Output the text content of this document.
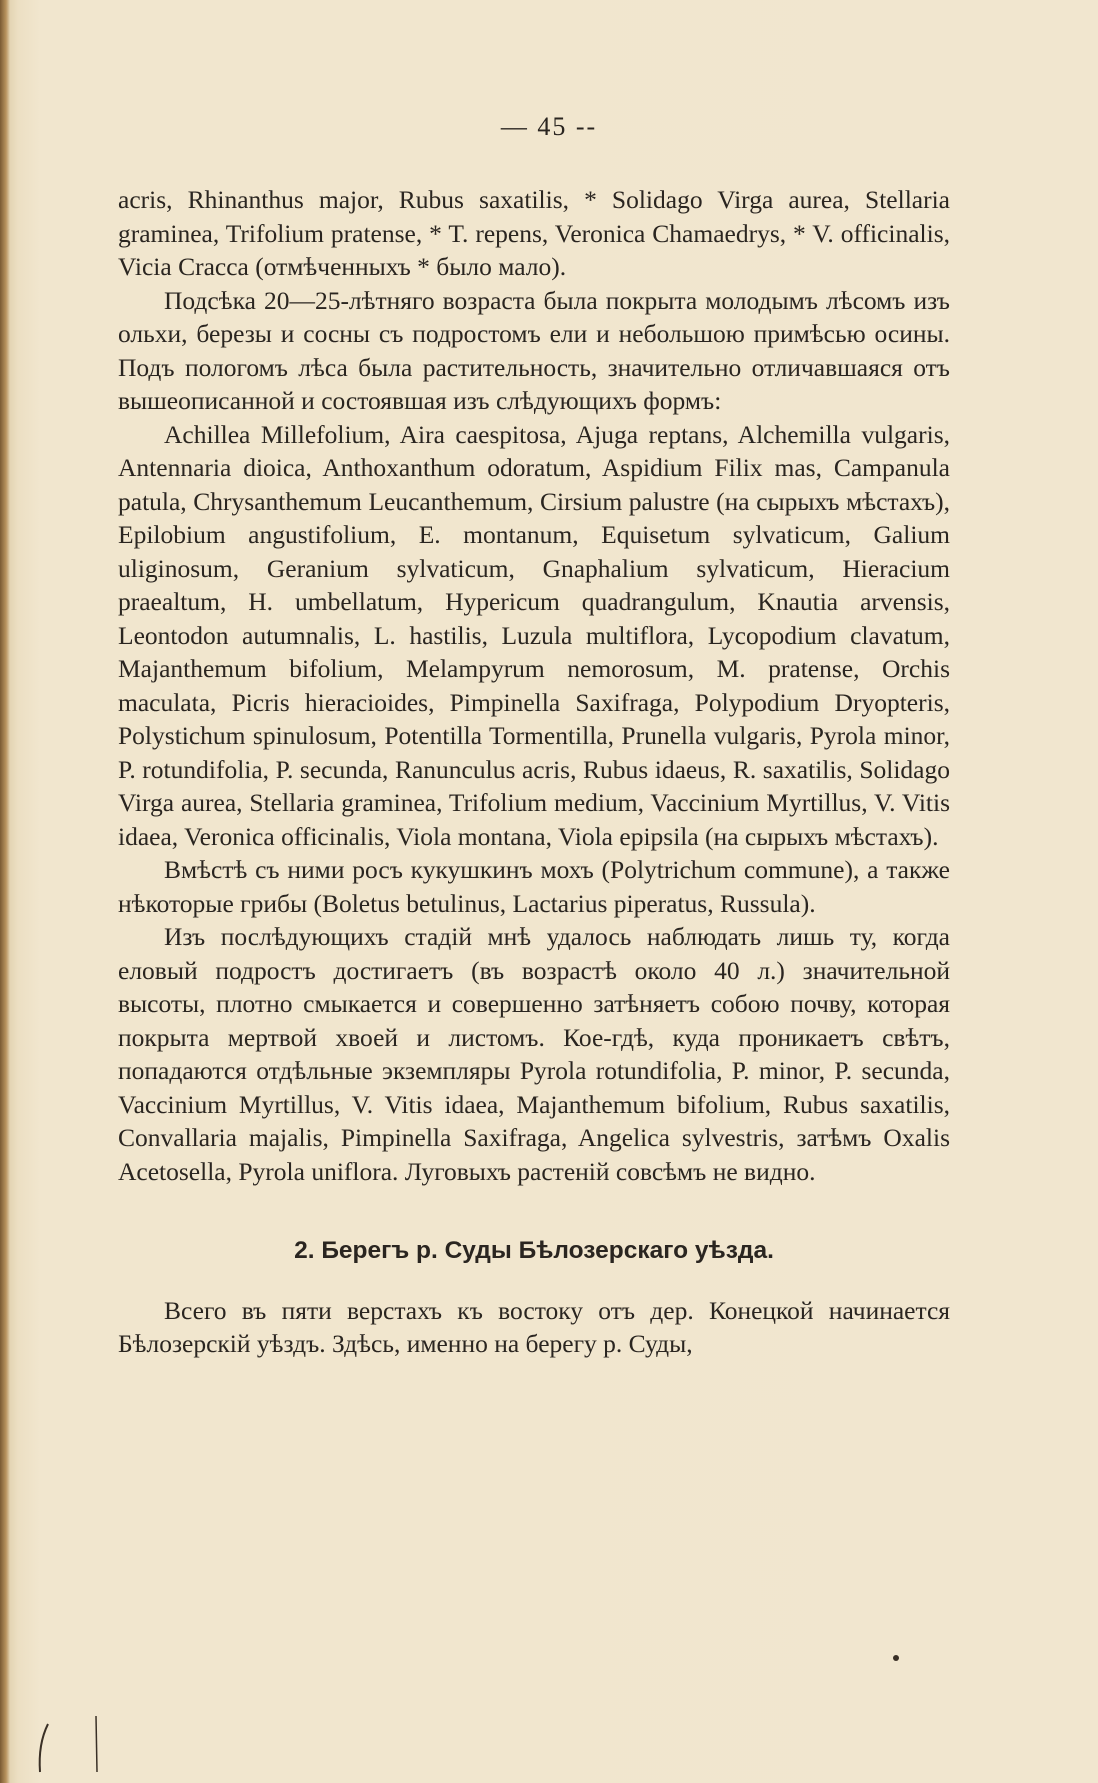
— 45 --

acris, Rhinanthus major, Rubus saxatilis, * Solidago Virga aurea, Stellaria graminea, Trifolium pratense, * T. repens, Veronica Chamaedrys, * V. officinalis, Vicia Cracca (отмѣченныхъ * было мало).

Подсѣка 20—25-лѣтняго возраста была покрыта молодымъ лѣсомъ изъ ольхи, березы и сосны съ подростомъ ели и небольшою примѣсью осины. Подъ пологомъ лѣса была растительность, значительно отличавшаяся отъ вышеописанной и состоявшая изъ слѣдующихъ формъ:

Achillea Millefolium, Aira caespitosa, Ajuga reptans, Alchemilla vulgaris, Antennaria dioica, Anthoxanthum odoratum, Aspidium Filix mas, Campanula patula, Chrysanthemum Leucanthemum, Cirsium palustre (на сырыхъ мѣстахъ), Epilobium angustifolium, E. montanum, Equisetum sylvaticum, Galium uliginosum, Geranium sylvaticum, Gnaphalium sylvaticum, Hieracium praealtum, H. umbellatum, Hypericum quadrangulum, Knautia arvensis, Leontodon autumnalis, L. hastilis, Luzula multiflora, Lycopodium clavatum, Majanthemum bifolium, Melampyrum nemorosum, M. pratense, Orchis maculata, Picris hieracioides, Pimpinella Saxifraga, Polypodium Dryopteris, Polystichum spinulosum, Potentilla Tormentilla, Prunella vulgaris, Pyrola minor, P. rotundifolia, P. secunda, Ranunculus acris, Rubus idaeus, R. saxatilis, Solidago Virga aurea, Stellaria graminea, Trifolium medium, Vaccinium Myrtillus, V. Vitis idaea, Veronica officinalis, Viola montana, Viola epipsila (на сырыхъ мѣстахъ).

Вмѣстѣ съ ними росъ кукушкинъ мохъ (Polytrichum commune), а также нѣкоторые грибы (Boletus betulinus, Lactarius piperatus, Russula).

Изъ послѣдующихъ стадій мнѣ удалось наблюдать лишь ту, когда еловый подростъ достигаетъ (въ возрастѣ около 40 л.) значительной высоты, плотно смыкается и совершенно затѣняетъ собою почву, которая покрыта мертвой хвоей и листомъ. Кое-гдѣ, куда проникаетъ свѣтъ, попадаются отдѣльные экземпляры Pyrola rotundifolia, P. minor, P. secunda, Vaccinium Myrtillus, V. Vitis idaea, Majanthemum bifolium, Rubus saxatilis, Convallaria majalis, Pimpinella Saxifraga, Angelica sylvestris, затѣмъ Oxalis Acetosella, Pyrola uniflora. Луговыхъ растеній совсѣмъ не видно.

2. Берегъ р. Суды Бѣлозерскаго уѣзда.

Всего въ пяти верстахъ къ востоку отъ дер. Конецкой начинается Бѣлозерскій уѣздъ. Здѣсь, именно на берегу р. Суды,
